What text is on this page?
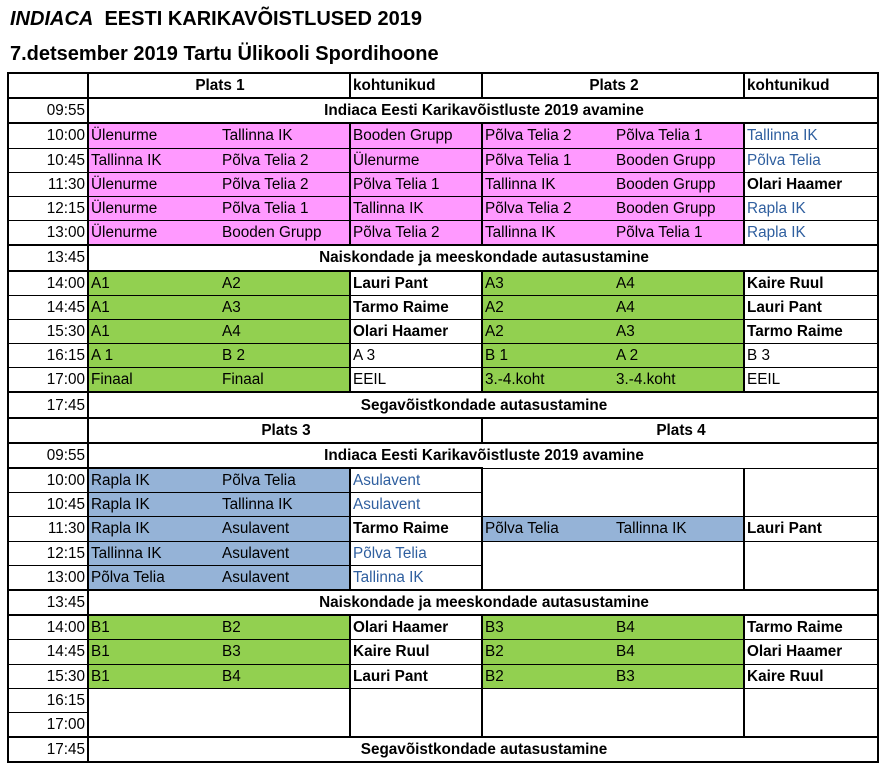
INDIACA EESTI KARIKAVÕISTLUSED 2019
7.detsember 2019 Tartu Ülikooli Spordihoone
	Plats 1		kohtunikud	Plats 2		kohtunikud
09:55	Indiaca Eesti Karikavõistluste 2019 avamine					
10:00	Ülenurme	Tallinna IK	Booden Grupp	Põlva Telia 2	Põlva Telia 1	Tallinna IK
10:45	Tallinna IK	Põlva Telia 2	Ülenurme	Põlva Telia 1	Booden Grupp	Põlva Telia
11:30	Ülenurme	Põlva Telia 2	Põlva Telia 1	Tallinna IK	Booden Grupp	Olari Haamer
12:15	Ülenurme	Põlva Telia 1	Tallinna IK	Põlva Telia 2	Booden Grupp	Rapla IK
13:00	Ülenurme	Booden Grupp	Põlva Telia 2	Tallinna IK	Põlva Telia 1	Rapla IK
13:45	Naiskondade ja meeskondade autasustamine					
14:00	A1	A2	Lauri Pant	A3	A4	Kaire Ruul
14:45	A1	A3	Tarmo Raime	A2	A4	Lauri Pant
15:30	A1	A4	Olari Haamer	A2	A3	Tarmo Raime
16:15	A 1	B 2	A 3	B 1	A 2	B 3
17:00	Finaal	Finaal	EEIL	3.-4.koht	3.-4.koht	EEIL
17:45	Segavõistkondade autasustamine					
	Plats 3			Plats 4		
09:55	Indiaca Eesti Karikavõistluste 2019 avamine					
10:00	Rapla IK	Põlva Telia	Asulavent			
10:45	Rapla IK	Tallinna IK	Asulavent			
11:30	Rapla IK	Asulavent	Tarmo Raime	Põlva Telia	Tallinna IK	Lauri Pant
12:15	Tallinna IK	Asulavent	Põlva Telia			
13:00	Põlva Telia	Asulavent	Tallinna IK			
13:45	Naiskondade ja meeskondade autasustamine					
14:00	B1	B2	Olari Haamer	B3	B4	Tarmo Raime
14:45	B1	B3	Kaire Ruul	B2	B4	Olari Haamer
15:30	B1	B4	Lauri Pant	B2	B3	Kaire Ruul
16:15						
17:00						
17:45	Segavõistkondade autasustamine					
